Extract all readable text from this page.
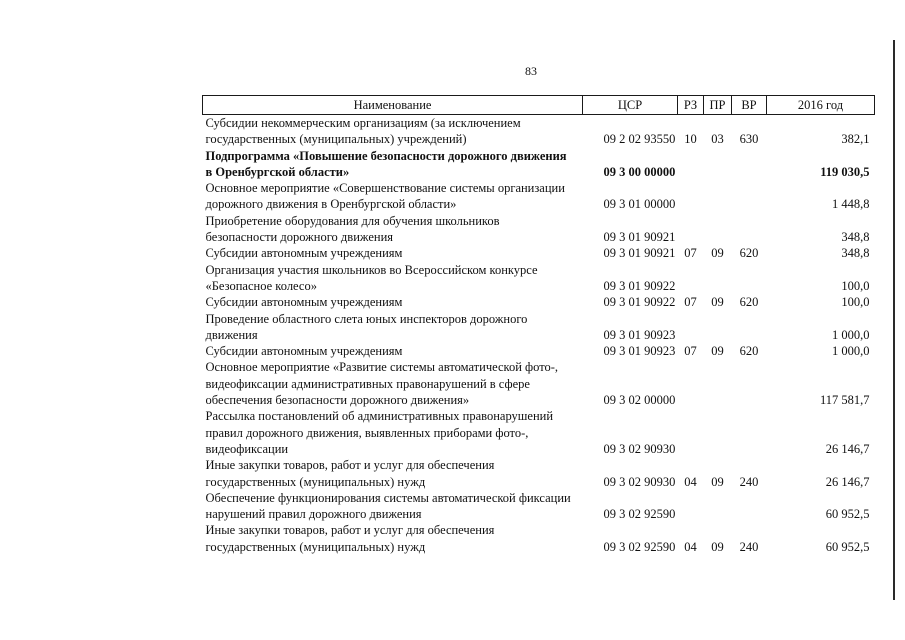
83
Наименование	ЦСР	РЗ	ПР	ВР	2016 год

Субсидии некоммерческим организациям (за исключением
государственных (муниципальных) учреждений)	09 2 02 93550	10	03	630	382,1

Подпрограмма «Повышение безопасности дорожного движения
в Оренбургской области»	09 3 00 00000				119 030,5

Основное мероприятие «Совершенствование системы организации
дорожного движения в Оренбургской области»	09 3 01 00000				1 448,8

Приобретение оборудования для обучения школьников
безопасности дорожного движения	09 3 01 90921				348,8

Субсидии автономным учреждениям	09 3 01 90921	07	09	620	348,8

Организация участия школьников во Всероссийском конкурсе
«Безопасное колесо»	09 3 01 90922				100,0

Субсидии автономным учреждениям	09 3 01 90922	07	09	620	100,0

Проведение областного слета юных инспекторов дорожного
движения	09 3 01 90923				1 000,0

Субсидии автономным учреждениям	09 3 01 90923	07	09	620	1 000,0

Основное мероприятие «Развитие системы автоматической фото-,
видеофиксации административных правонарушений в сфере
обеспечения безопасности дорожного движения»	09 3 02 00000				117 581,7

Рассылка постановлений об административных правонарушений
правил дорожного движения, выявленных приборами фото-,
видеофиксации	09 3 02 90930				26 146,7

Иные закупки товаров, работ и услуг для обеспечения
государственных (муниципальных) нужд	09 3 02 90930	04	09	240	26 146,7

Обеспечение функционирования системы автоматической фиксации
нарушений правил дорожного движения	09 3 02 92590				60 952,5

Иные закупки товаров, работ и услуг для обеспечения
государственных (муниципальных) нужд	09 3 02 92590	04	09	240	60 952,5
